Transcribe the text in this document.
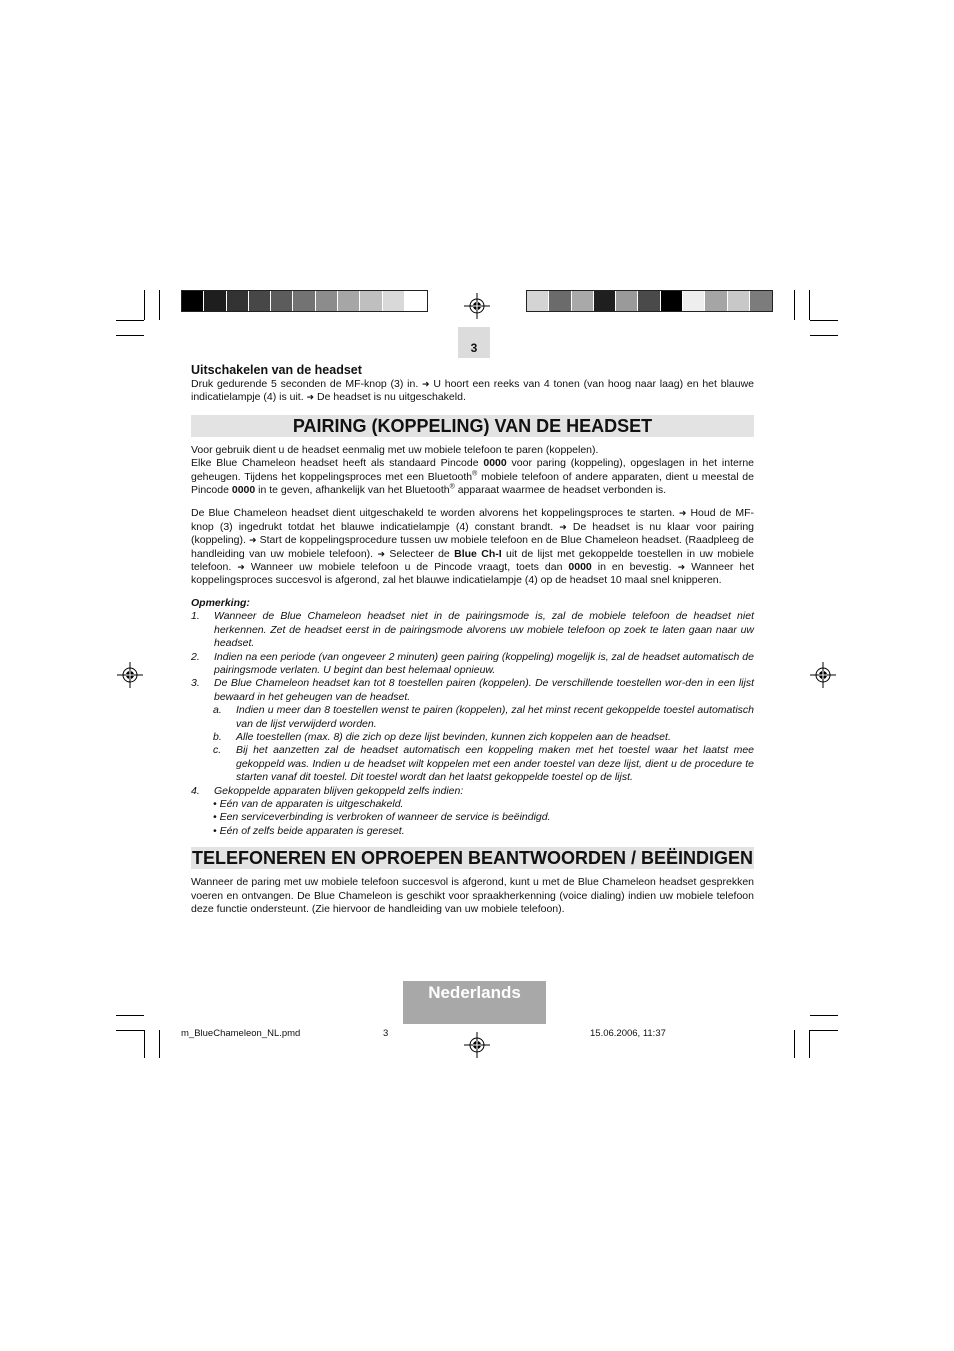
3
Uitschakelen van de headset

Druk gedurende 5 seconden de MF-knop (3) in. ➜ U hoort een reeks van 4 tonen (van hoog naar laag) en het blauwe indicatielampje (4) is uit. ➜ De headset is nu uitgeschakeld.

PAIRING (KOPPELING) VAN DE HEADSET

Voor gebruik dient u de headset eenmalig met uw mobiele telefoon te paren (koppelen).

Elke Blue Chameleon headset heeft als standaard Pincode 0000 voor paring (koppeling), opgeslagen in het interne geheugen. Tijdens het koppelingsproces met een Bluetooth® mobiele telefoon of andere apparaten, dient u meestal de Pincode 0000 in te geven, afhankelijk van het Bluetooth® apparaat waarmee de headset verbonden is.

De Blue Chameleon headset dient uitgeschakeld te worden alvorens het koppelingsproces te starten. ➜ Houd de MF-knop (3) ingedrukt totdat het blauwe indicatielampje (4) constant brandt. ➜ De headset is nu klaar voor pairing (koppeling). ➜ Start de koppelingsprocedure tussen uw mobiele telefoon en de Blue Chameleon headset. (Raadpleeg de handleiding van uw mobiele telefoon). ➜ Selecteer de Blue Ch-I uit de lijst met gekoppelde toestellen in uw mobiele telefoon. ➜ Wanneer uw mobiele telefoon u de Pincode vraagt, toets dan 0000 in en bevestig. ➜ Wanneer het koppelingsproces succesvol is afgerond, zal het blauwe indicatielampje (4) op de headset 10 maal snel knipperen.

Opmerking:
1.	Wanneer de Blue Chameleon headset niet in de pairingsmode is, zal de mobiele telefoon de headset niet herkennen. Zet de headset eerst in de pairingsmode alvorens uw mobiele telefoon op zoek te laten gaan naar uw headset.
2.	Indien na een periode (van ongeveer 2 minuten) geen pairing (koppeling) mogelijk is, zal de headset automatisch de pairingsmode verlaten. U begint dan best helemaal opnieuw.
3.	De Blue Chameleon headset kan tot 8 toestellen pairen (koppelen). De verschillende toestellen wor-den in een lijst bewaard in het geheugen van de headset.
a.	Indien u meer dan 8 toestellen wenst te pairen (koppelen), zal het minst recent gekoppelde toestel automatisch van de lijst verwijderd worden.
b.	Alle toestellen (max. 8) die zich op deze lijst bevinden, kunnen zich koppelen aan de headset.
c.	Bij het aanzetten zal de headset automatisch een koppeling maken met het toestel waar het laatst mee gekoppeld was. Indien u de headset wilt koppelen met een ander toestel van deze lijst, dient u de procedure te starten vanaf dit toestel. Dit toestel wordt dan het laatst gekoppelde toestel op de lijst.
4.	Gekoppelde apparaten blijven gekoppeld zelfs indien:
• Eén van de apparaten is uitgeschakeld.
• Een serviceverbinding is verbroken of wanneer de service is beëindigd.
• Eén of zelfs beide apparaten is gereset.
TELEFONEREN EN OPROEPEN BEANTWOORDEN / BEËINDIGEN

Wanneer de paring met uw mobiele telefoon succesvol is afgerond, kunt u met de Blue Chameleon headset gesprekken voeren en ontvangen. De Blue Chameleon is geschikt voor spraakherkenning (voice dialing) indien uw mobiele telefoon deze functie ondersteunt. (Zie hiervoor de handleiding van uw mobiele telefoon).

Nederlands
m_BlueChameleon_NL.pmd	3	15.06.2006, 11:37
